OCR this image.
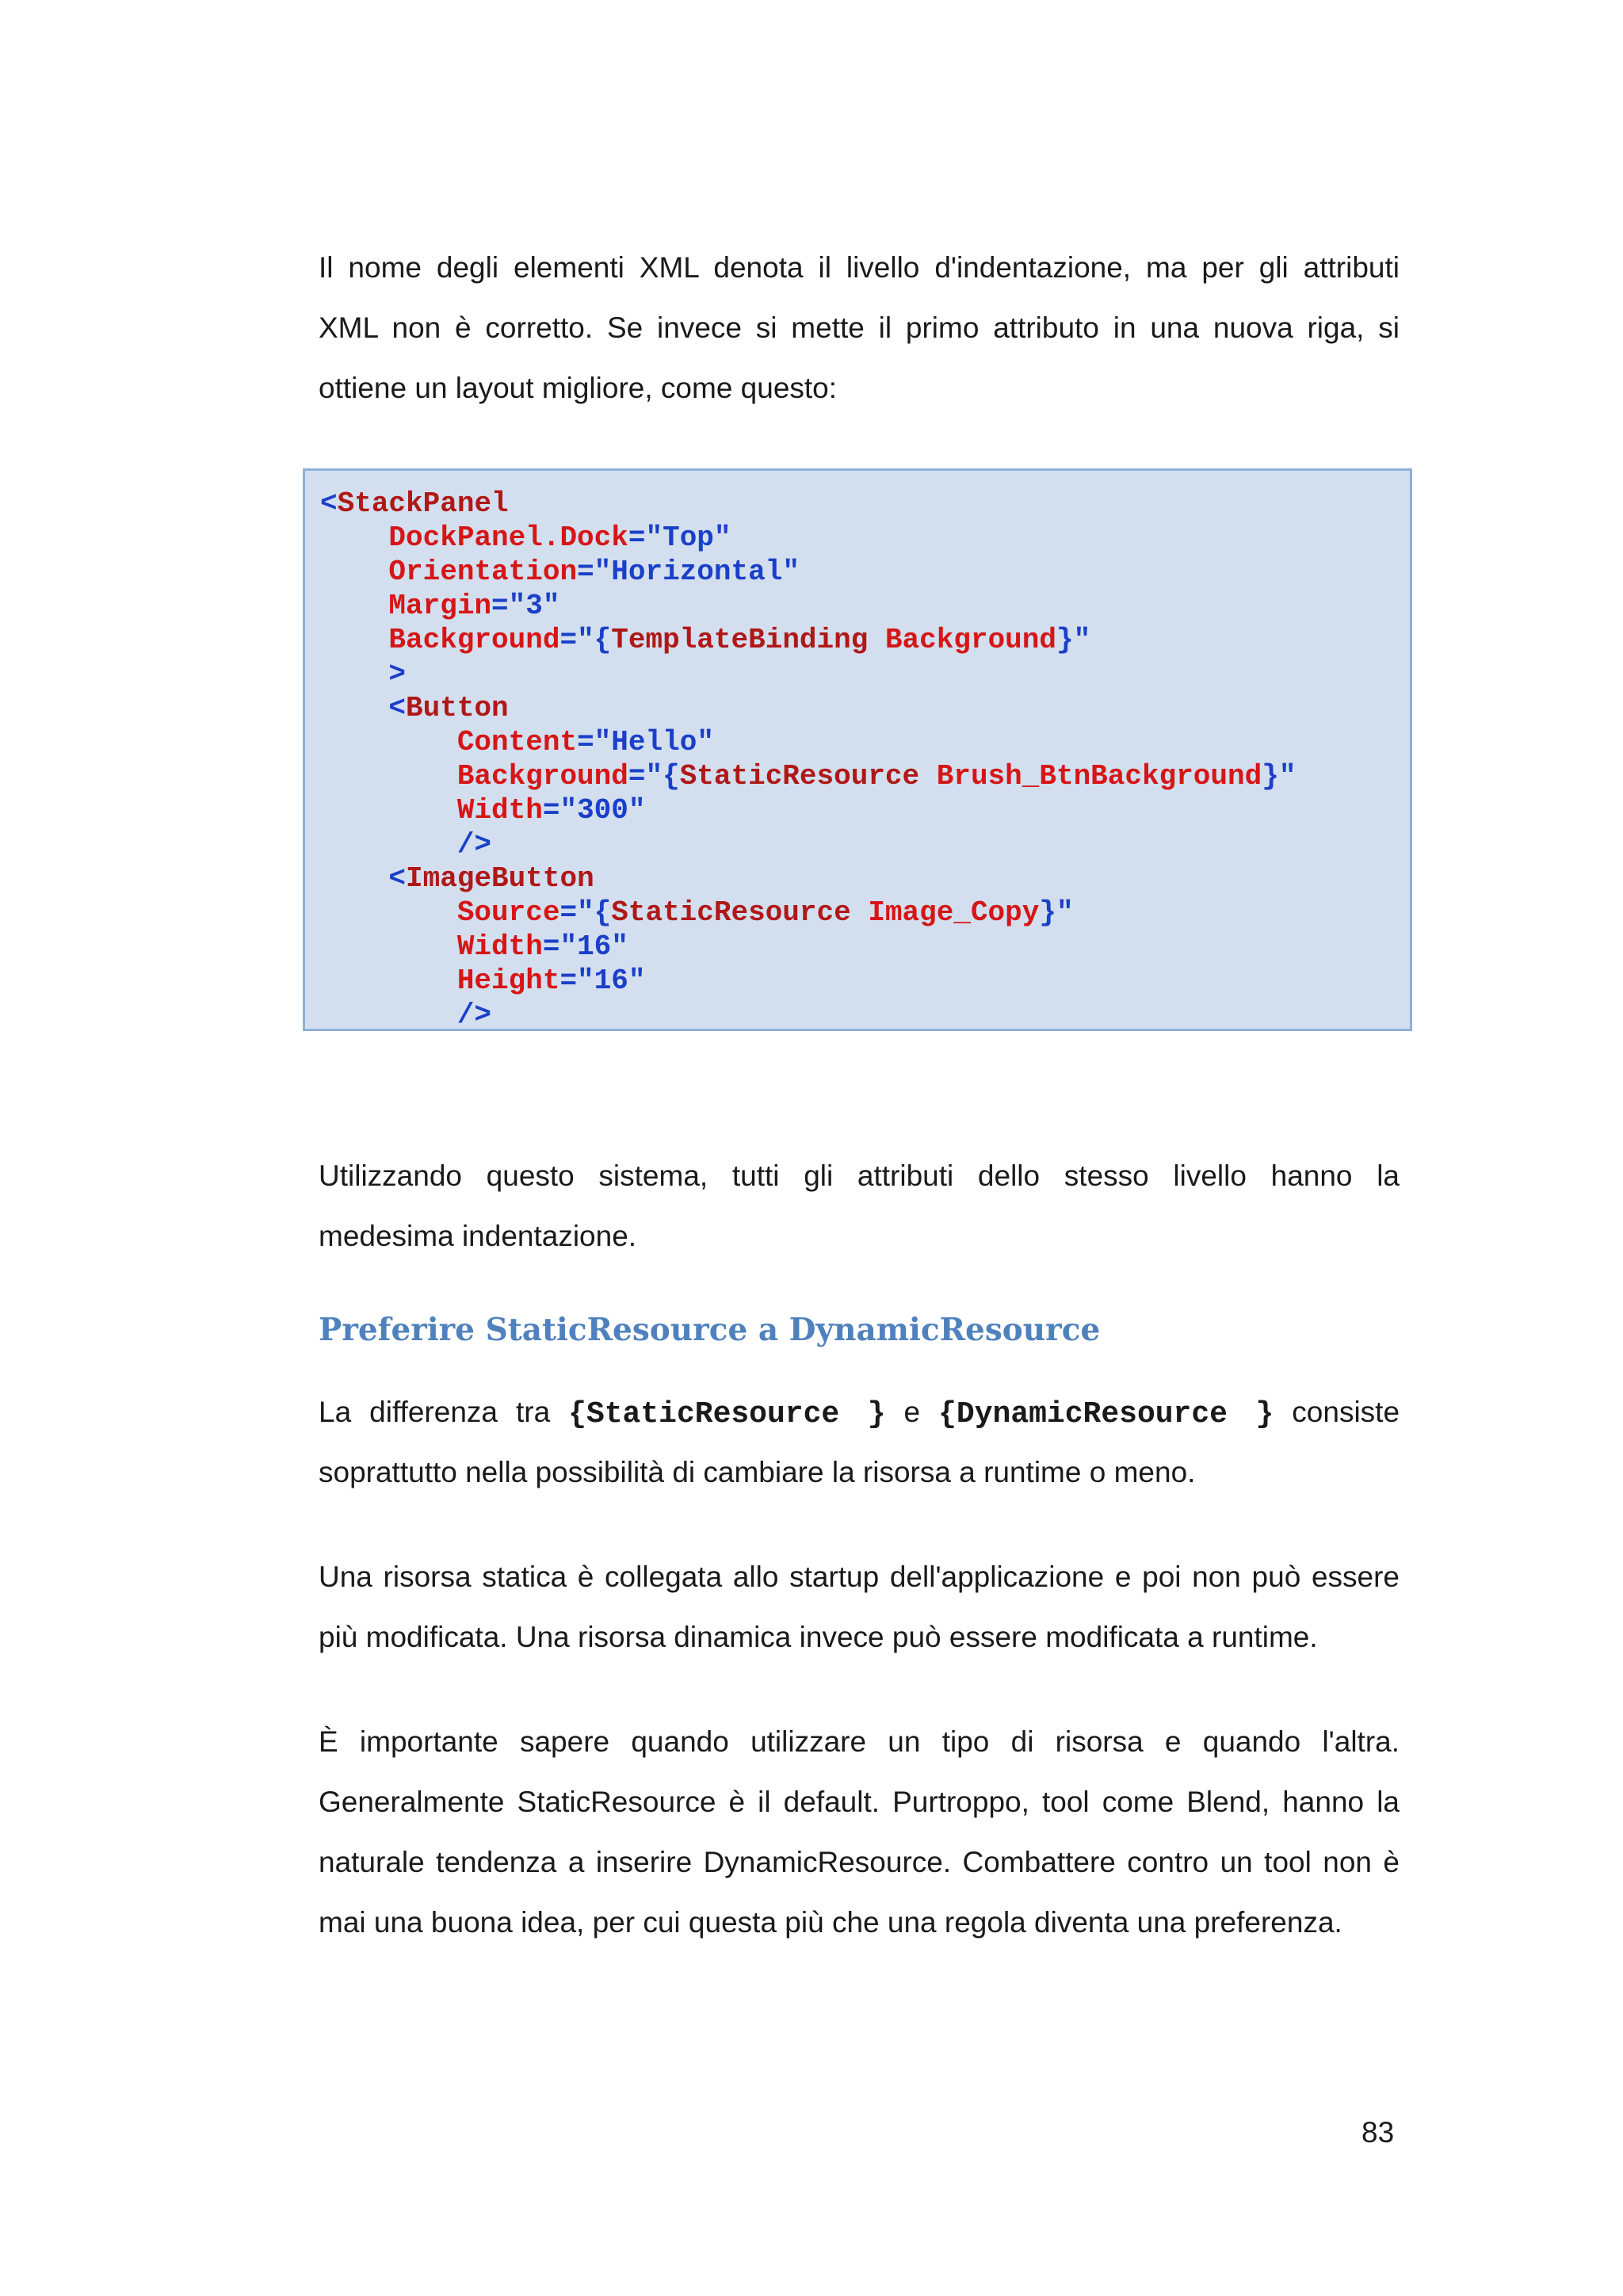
Il nome degli elementi XML denota il livello d'indentazione, ma per gli attributi
XML non è corretto. Se invece si mette il primo attributo in una nuova riga, si
ottiene un layout migliore, come questo:
<StackPanel
DockPanel.Dock="Top"
Orientation="Horizontal"
Margin="3"
Background="{TemplateBinding Background}"
>
<Button
Content="Hello"
Background="{StaticResource Brush_BtnBackground}"
Width="300"
/>
<ImageButton
Source="{StaticResource Image_Copy}"
Width="16"
Height="16"
/>
Utilizzando questo sistema, tutti gli attributi dello stesso livello hanno la
medesima indentazione.
Preferire StaticResource a DynamicResource
La differenza tra {StaticResource } e {DynamicResource } consiste
soprattutto nella possibilità di cambiare la risorsa a runtime o meno.
Una risorsa statica è collegata allo startup dell'applicazione e poi non può essere
più modificata. Una risorsa dinamica invece può essere modificata a runtime.
È importante sapere quando utilizzare un tipo di risorsa e quando l'altra.
Generalmente StaticResource è il default. Purtroppo, tool come Blend, hanno la
naturale tendenza a inserire DynamicResource. Combattere contro un tool non è
mai una buona idea, per cui questa più che una regola diventa una preferenza.

83
